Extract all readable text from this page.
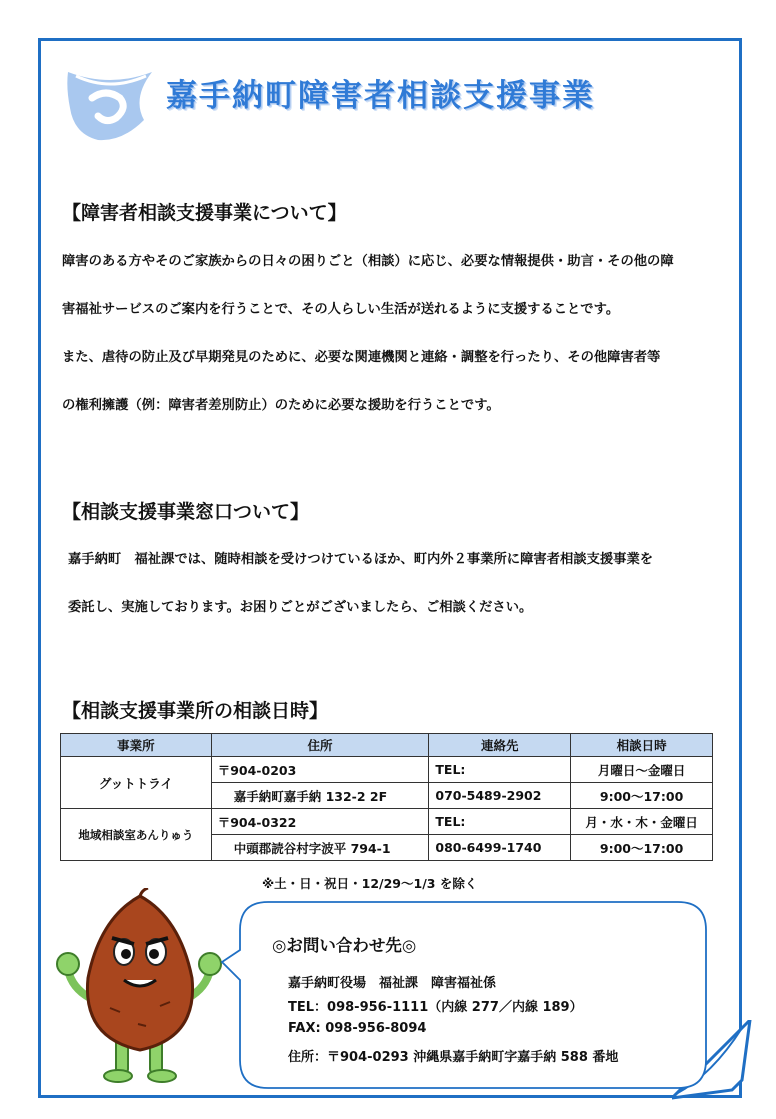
嘉手納町障害者相談支援事業
【障害者相談支援事業について】

障害のある方やそのご家族からの日々の困りごと（相談）に応じ、必要な情報提供・助言・その他の障

害福祉サービスのご案内を行うことで、その人らしい生活が送れるように支援することです。

また、虐待の防止及び早期発見のために、必要な関連機関と連絡・調整を行ったり、その他障害者等

の権利擁護（例：障害者差別防止）のために必要な援助を行うことです。

【相談支援事業窓口ついて】

嘉手納町　福祉課では、随時相談を受けつけているほか、町内外２事業所に障害者相談支援事業を

委託し、実施しております。お困りごとがございましたら、ご相談ください。

【相談支援事業所の相談日時】
事業所	住所	連絡先	相談日時
グットトライ	〒904-0203	TEL:	月曜日～金曜日
	嘉手納町嘉手納 132-2 2F	070-5489-2902	9:00～17:00
地域相談室あんりゅう	〒904-0322	TEL:	月・水・木・金曜日
	中頭郡読谷村字波平 794-1	080-6499-1740	9:00～17:00
※土・日・祝日・12/29～1/3 を除く
◎お問い合わせ先◎
嘉手納町役場　福祉課　障害福祉係
TEL：098-956-1111（内線 277／内線 189）
FAX: 098-956-8094
住所：〒904-0293 沖縄県嘉手納町字嘉手納 588 番地
